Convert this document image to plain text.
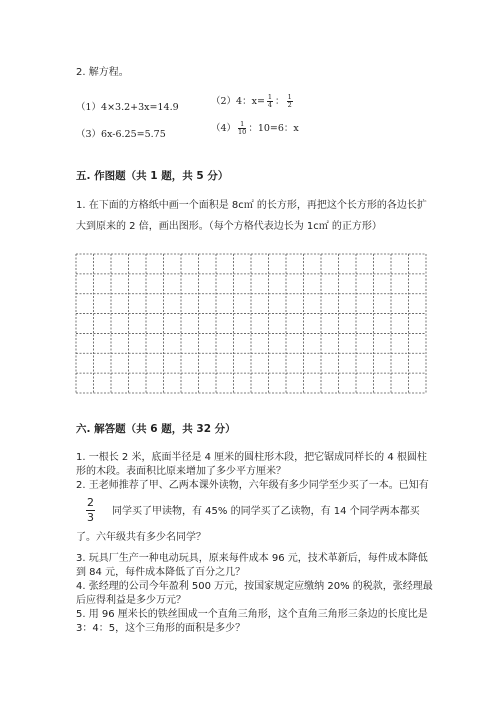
2. 解方程。
（1）4×3.2+3x=14.9
（2）4：$x= \frac{1}{4}$ ： $\frac{1}{2}$
（3）6x-6.25=5.75
$(4) \frac{1}{10}$ ：10=6：x
五. 作图题（共 1 题，共 5 分）
1. 在下面的方格纸中画一个面积是 8c㎡ 的长方形，再把这个长方形的各边长扩
大到原来的 2 倍，画出图形。（每个方格代表边长为 1c㎡ 的正方形）
六. 解答题（共 6 题，共 32 分）
1. 一根长 2 米，底面半径是 4 厘米的圆柱形木段，把它锯成同样长的 4 根圆柱
形的木段。表面积比原来增加了多少平方厘米？
2. 王老师推荐了甲、乙两本课外读物，六年级有多少同学至少买了一本。已知有
$\frac{2}{3}$ 同学买了甲读物，有 45% 的同学买了乙读物，有 14 个同学两本都买
了。六年级共有多少名同学？
3. 玩具厂生产一种电动玩具，原来每件成本 96 元，技术革新后，每件成本降低
到 84 元，每件成本降低了百分之几？
4. 张经理的公司今年盈利 500 万元，按国家规定应缴纳 20% 的税款，张经理最
后应得利益是多少万元？
5. 用 96 厘米长的铁丝围成一个直角三角形，这个直角三角形三条边的长度比是
3：4：5，这个三角形的面积是多少？
